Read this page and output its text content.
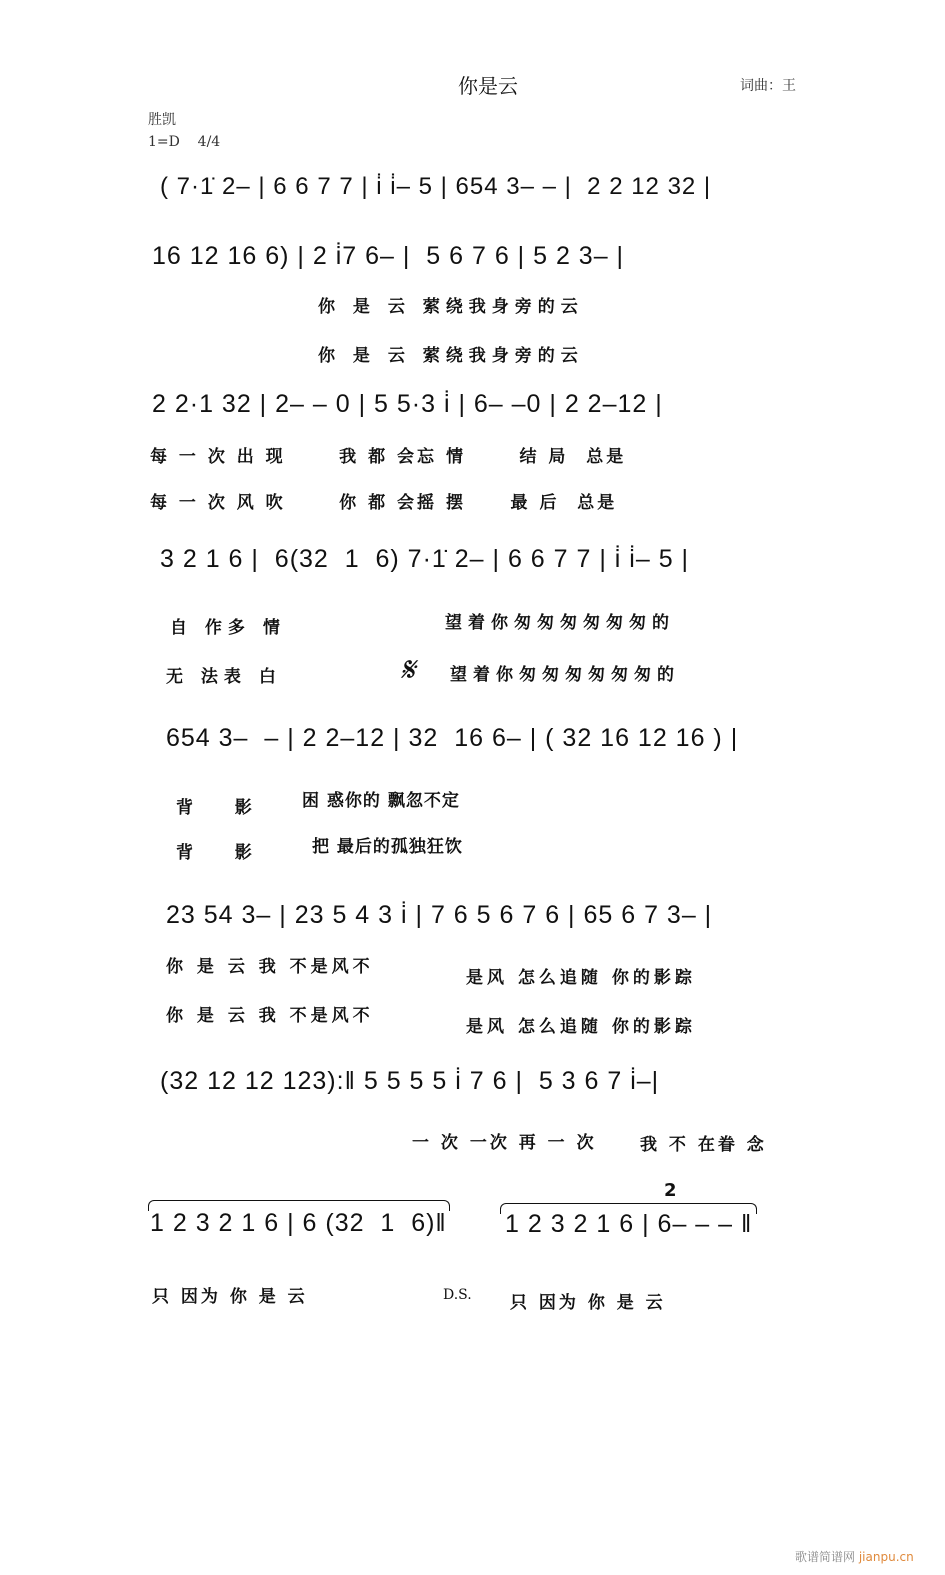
你是云	词曲：王
胜凯
1=D    4/4
( 7·1̇ 2– | 6 6 7 7 | i̇ i̇– 5 | 654 3– – |  2 2 12 32 |
16 12 16 6) | 2 i̇7 6– |  5 6 7 6 | 5 2 3– |
你 是 云 萦绕我身旁的云
你 是 云 萦绕我身旁的云
2 2·1 32 | 2– – 0 | 5 5·3 i̇ | 6– –0 | 2 2–12 |
每 一 次 出 现      我 都 会忘 情      结 局  总是
每 一 次 风 吹      你 都 会摇 摆     最 后  总是
3 2 1 6 |  6(32  1  6) 7·1̇ 2– | 6 6 7 7 | i̇ i̇– 5 |
自 作多 情
无 法表 白
望着你匆匆匆匆匆匆的
𝄋 望着你匆匆匆匆匆匆的
654 3–  – | 2 2–12 | 32  16 6– | ( 32 16 12 16 ) |
背   影
背   影
困 惑你的 飘忽不定
把 最后的孤独狂饮
23 54 3– | 23 5 4 3 i̇ | 7 6 5 6 7 6 | 65 6 7 3– |
你 是 云 我 不是风不
你 是 云 我 不是风不
是风 怎么追随 你的影踪
是风 怎么追随 你的影踪
(32 12 12 123):‖ 5 5 5 5 i̇ 7 6 |  5 3 6 7 i̇–|
一 次 一次 再 一 次	我 不 在眷 念
2
1 2 3 2 1 6 | 6 (32  1  6)‖ 1 2 3 2 1 6 | 6– – – ‖
只 因为 你 是 云	D.S. 只 因为 你 是 云
歌谱简谱网 jianpu.cn
